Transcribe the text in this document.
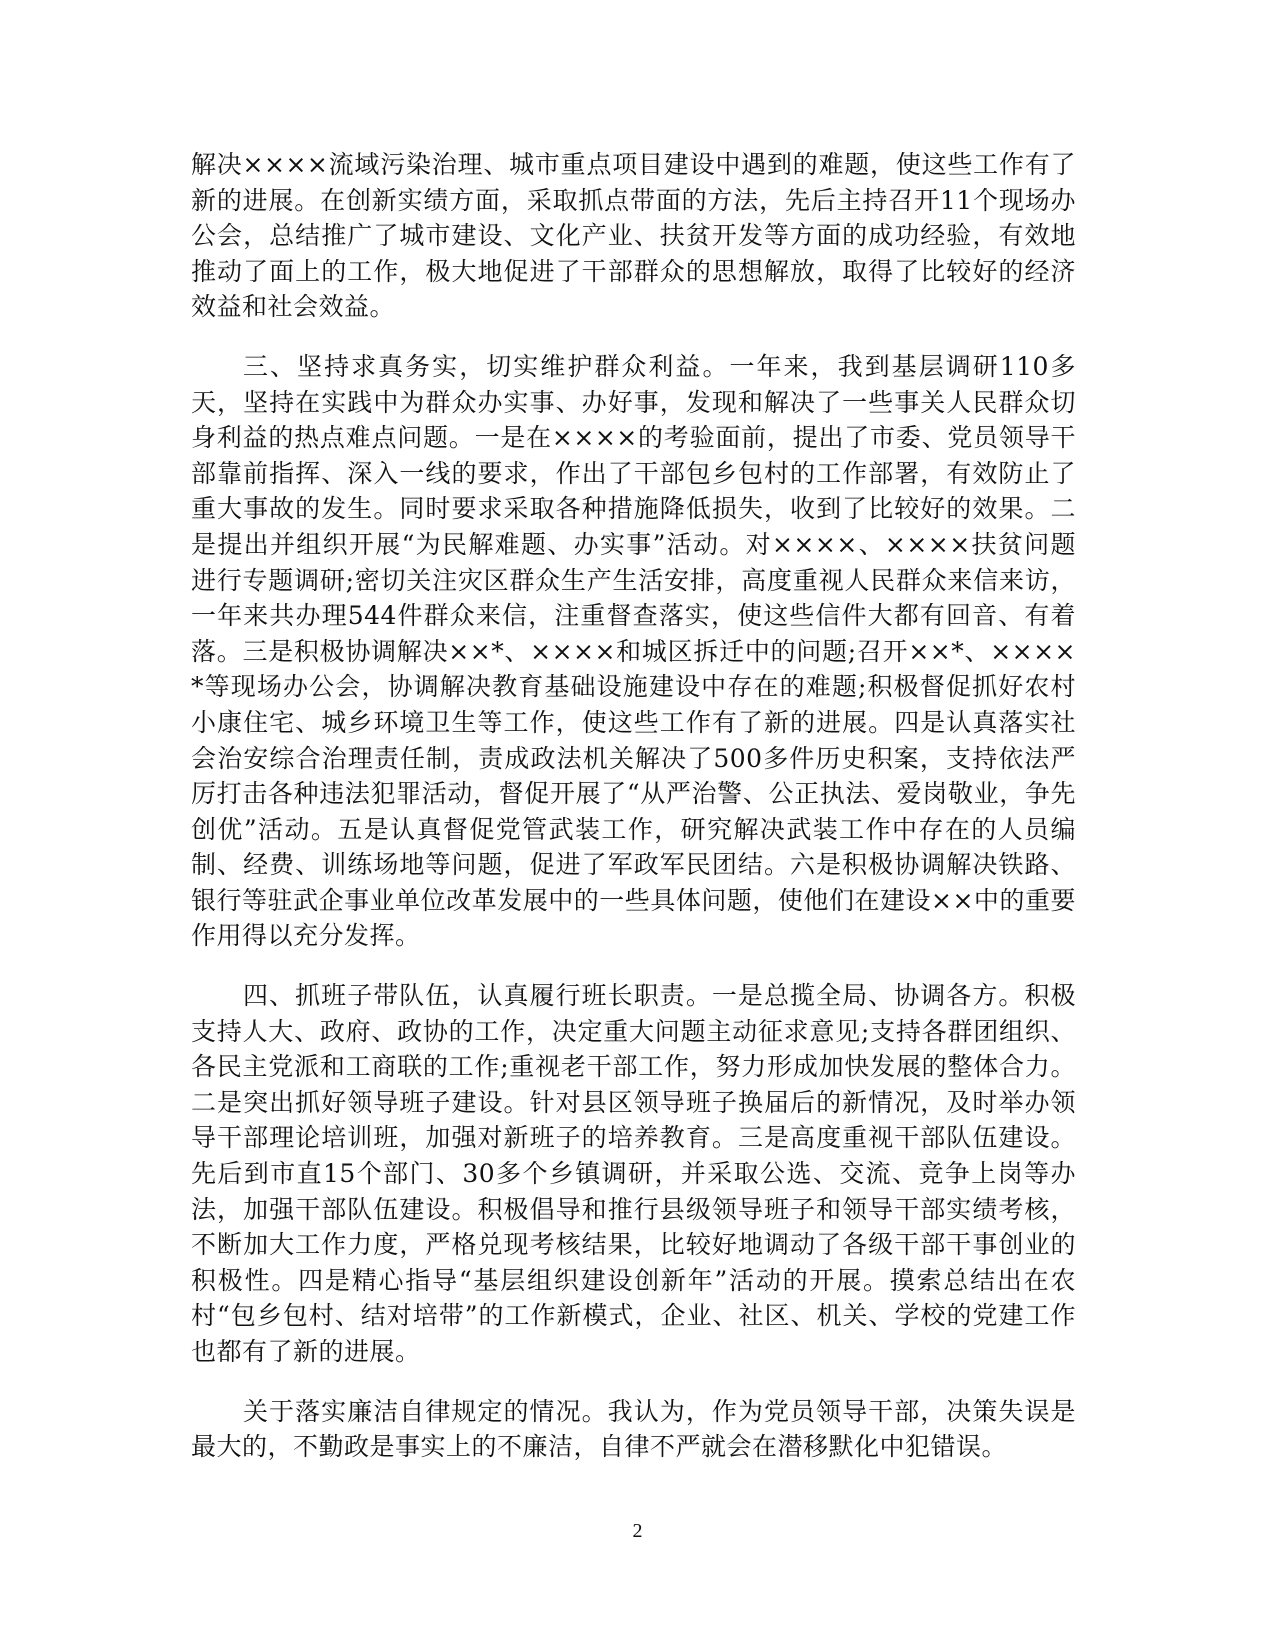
解决××××流域污染治理、城市重点项目建设中遇到的难题，使这些工作有了新的进展。在创新实绩方面，采取抓点带面的方法，先后主持召开11个现场办公会，总结推广了城市建设、文化产业、扶贫开发等方面的成功经验，有效地推动了面上的工作，极大地促进了干部群众的思想解放，取得了比较好的经济效益和社会效益。

三、坚持求真务实，切实维护群众利益。一年来，我到基层调研110多天，坚持在实践中为群众办实事、办好事，发现和解决了一些事关人民群众切身利益的热点难点问题。一是在××××的考验面前，提出了市委、党员领导干部靠前指挥、深入一线的要求，作出了干部包乡包村的工作部署，有效防止了重大事故的发生。同时要求采取各种措施降低损失，收到了比较好的效果。二是提出并组织开展“为民解难题、办实事”活动。对××××、××××扶贫问题进行专题调研;密切关注灾区群众生产生活安排，高度重视人民群众来信来访，一年来共办理544件群众来信，注重督查落实，使这些信件大都有回音、有着落。三是积极协调解决××*、××××和城区拆迁中的问题;召开××*、××××*等现场办公会，协调解决教育基础设施建设中存在的难题;积极督促抓好农村小康住宅、城乡环境卫生等工作，使这些工作有了新的进展。四是认真落实社会治安综合治理责任制，责成政法机关解决了500多件历史积案，支持依法严厉打击各种违法犯罪活动，督促开展了“从严治警、公正执法、爱岗敬业，争先创优”活动。五是认真督促党管武装工作，研究解决武装工作中存在的人员编制、经费、训练场地等问题，促进了军政军民团结。六是积极协调解决铁路、银行等驻武企事业单位改革发展中的一些具体问题，使他们在建设××中的重要作用得以充分发挥。

四、抓班子带队伍，认真履行班长职责。一是总揽全局、协调各方。积极支持人大、政府、政协的工作，决定重大问题主动征求意见;支持各群团组织、各民主党派和工商联的工作;重视老干部工作，努力形成加快发展的整体合力。二是突出抓好领导班子建设。针对县区领导班子换届后的新情况，及时举办领导干部理论培训班，加强对新班子的培养教育。三是高度重视干部队伍建设。先后到市直15个部门、30多个乡镇调研，并采取公选、交流、竞争上岗等办法，加强干部队伍建设。积极倡导和推行县级领导班子和领导干部实绩考核，不断加大工作力度，严格兑现考核结果，比较好地调动了各级干部干事创业的积极性。四是精心指导“基层组织建设创新年”活动的开展。摸索总结出在农村“包乡包村、结对培带”的工作新模式，企业、社区、机关、学校的党建工作也都有了新的进展。

关于落实廉洁自律规定的情况。我认为，作为党员领导干部，决策失误是最大的，不勤政是事实上的不廉洁，自律不严就会在潜移默化中犯错误。

2
